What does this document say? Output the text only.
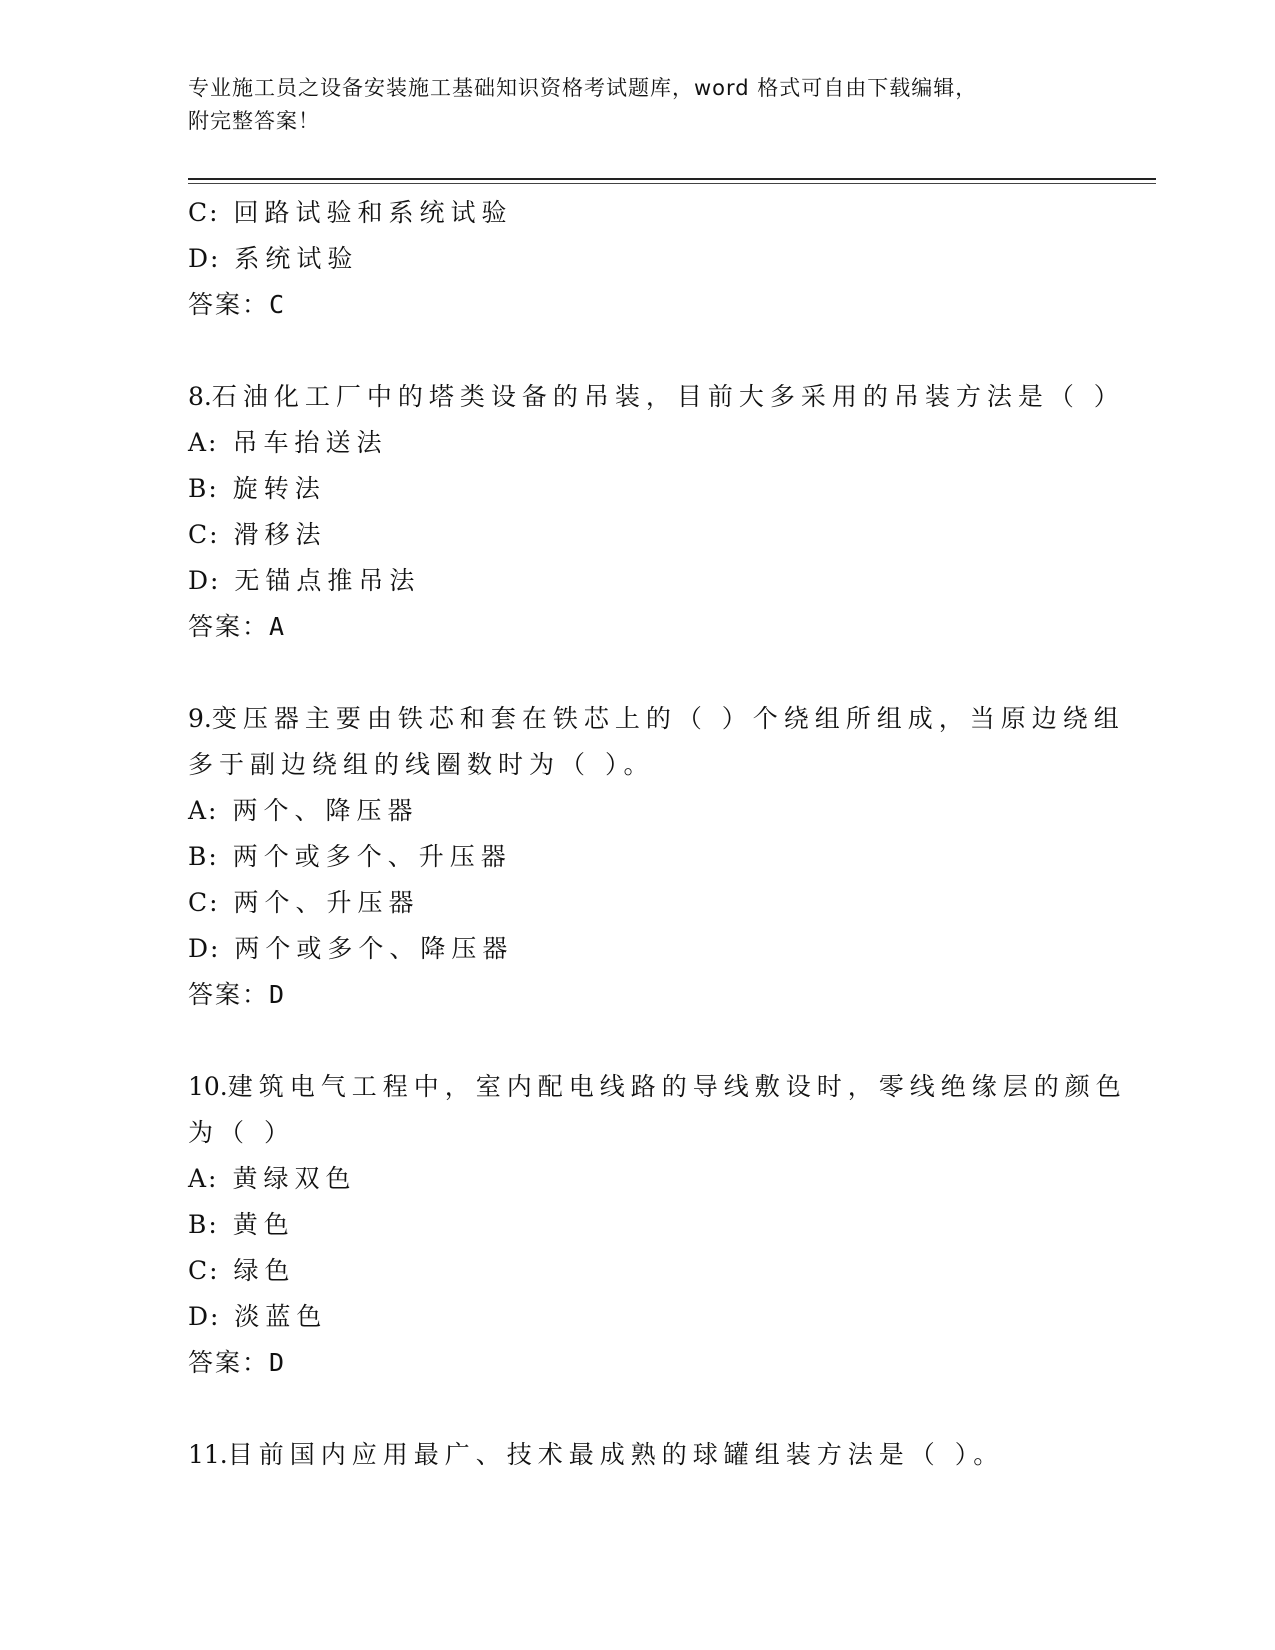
专业施工员之设备安装施工基础知识资格考试题库，word 格式可自由下载编辑，
附完整答案！
C: 回路试验和系统试验
D: 系统试验
答案：C
8.石油化工厂中的塔类设备的吊装，目前大多采用的吊装方法是（ ）
A: 吊车抬送法
B: 旋转法
C: 滑移法
D: 无锚点推吊法
答案：A
9.变压器主要由铁芯和套在铁芯上的（ ）个绕组所组成，当原边绕组
多于副边绕组的线圈数时为（ ）。
A: 两个、降压器
B: 两个或多个、升压器
C: 两个、升压器
D: 两个或多个、降压器
答案：D
10.建筑电气工程中，室内配电线路的导线敷设时，零线绝缘层的颜色
为（ ）
A: 黄绿双色
B: 黄色
C: 绿色
D: 淡蓝色
答案：D
11.目前国内应用最广、技术最成熟的球罐组装方法是（ ）。
